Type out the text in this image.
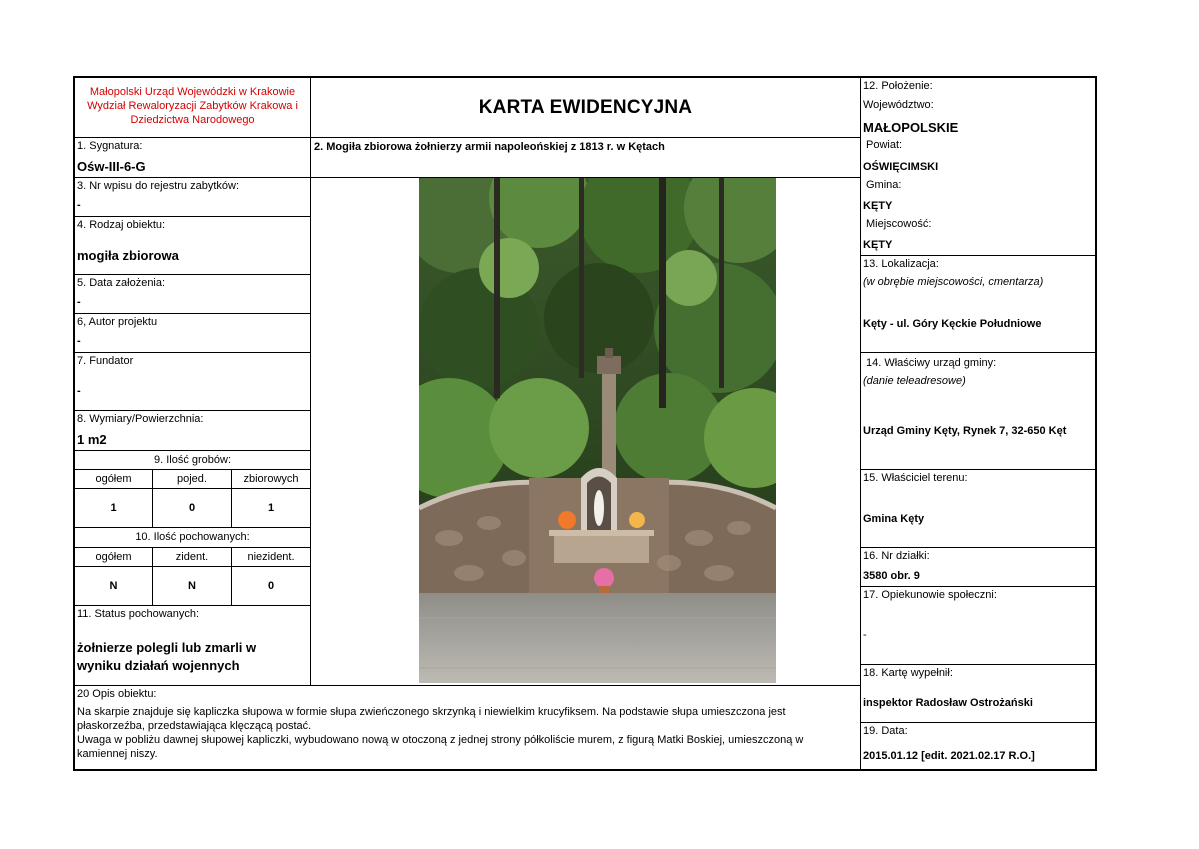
Małopolski Urząd Wojewódzki w Krakowie
Wydział Rewaloryzacji Zabytków Krakowa i
Dziedzictwa Narodowego
KARTA EWIDENCYJNA
1. Sygnatura:
Ośw-III-6-G
3. Nr wpisu do rejestru zabytków:
-
4. Rodzaj obiektu:
mogiła zbiorowa
5. Data założenia:
-
6, Autor projektu
-
7. Fundator
-
8. Wymiary/Powierzchnia:
1 m2
9. Ilość grobów:
ogółem	pojed.	zbiorowych
1	0	1
10. Ilość pochowanych:
ogółem	zident.	niezident.
N	N	0
11. Status pochowanych:
żołnierze polegli lub zmarli w
wyniku działań wojennych
2. Mogiła zbiorowa żołnierzy armii napoleońskiej z 1813 r. w Kętach
12. Położenie:
Województwo:
MAŁOPOLSKIE
Powiat:
OŚWIĘCIMSKI
Gmina:
KĘTY
Miejscowość:
KĘTY
13. Lokalizacja:
(w obrębie miejscowości, cmentarza)
Kęty - ul. Góry Kęckie Południowe
14. Właściwy urząd gminy:
(danie teleadresowe)
Urząd Gminy Kęty, Rynek 7, 32-650 Kęt
15. Właściciel terenu:
Gmina Kęty
16. Nr działki:
3580 obr. 9
17. Opiekunowie społeczni:
-
18. Kartę wypełnił:
inspektor Radosław Ostrożański
19. Data:
2015.01.12 [edit. 2021.02.17 R.O.]
20 Opis obiektu:
Na skarpie znajduje się kapliczka słupowa w formie słupa zwieńczonego skrzynką i niewielkim krucyfiksem. Na podstawie słupa umieszczona jest
płaskorzeźba, przedstawiająca klęczącą postać.
Uwaga w pobliżu dawnej słupowej kapliczki, wybudowano nową w otoczoną z jednej strony półkoliście murem, z figurą Matki Boskiej, umieszczoną w
kamiennej niszy.
